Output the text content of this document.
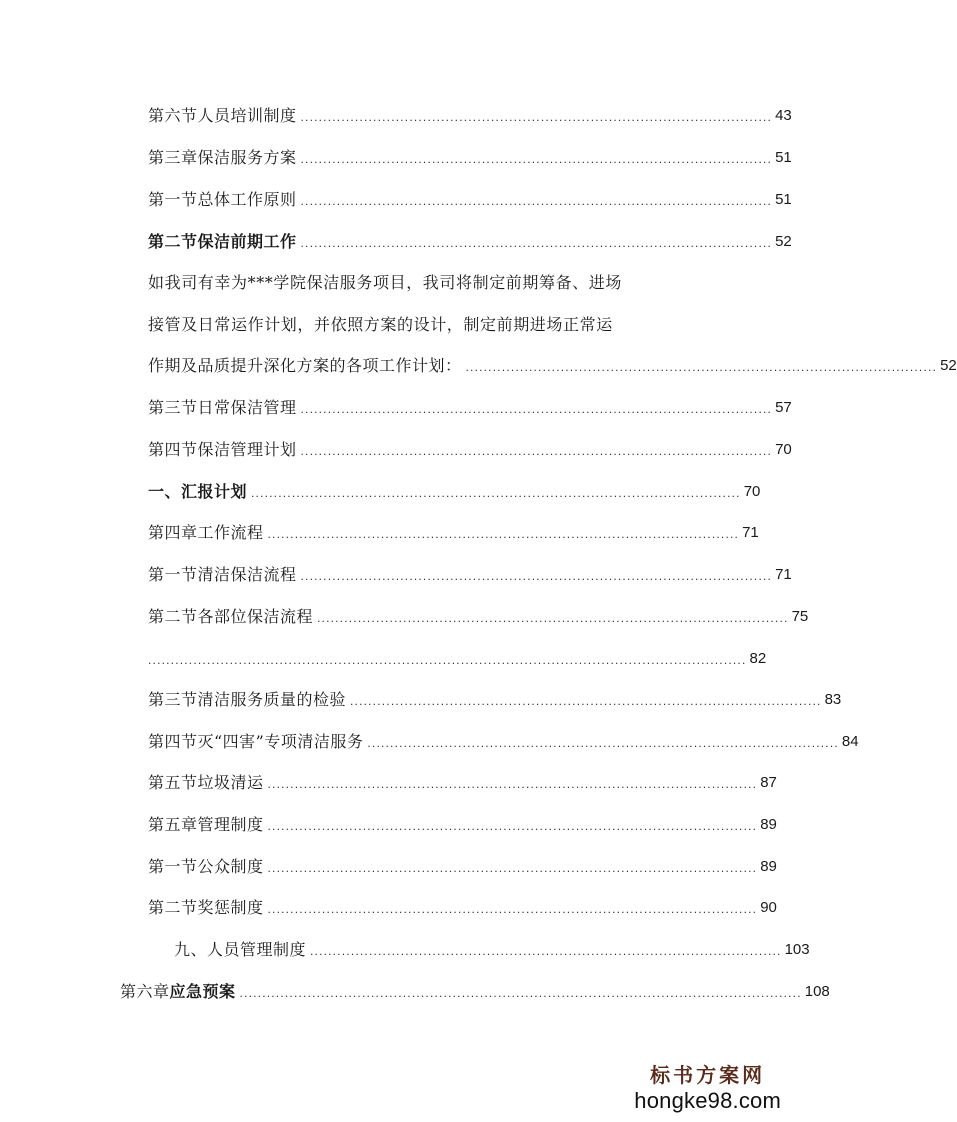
第六节人员培训制度 ........................................................................................................ 43
第三章保洁服务方案 ........................................................................................................ 51
第一节总体工作原则 ........................................................................................................ 51
第二节保洁前期工作 ........................................................................................................ 52
如我司有幸为***学院保洁服务项目，我司将制定前期筹备、进场
接管及日常运作计划，并依照方案的设计，制定前期进场正常运
作期及品质提升深化方案的各项工作计划： ........................................................................................................ 52
第三节日常保洁管理 ........................................................................................................ 57
第四节保洁管理计划 ........................................................................................................ 70
一、汇报计划 ............................................................................................................ 70
第四章工作流程 ........................................................................................................ 71
第一节清洁保洁流程 ........................................................................................................ 71
第二节各部位保洁流程 ........................................................................................................ 75
.................................................................................................................................... 82
第三节清洁服务质量的检验 ........................................................................................................ 83
第四节灭“四害”专项清洁服务 ........................................................................................................ 84
第五节垃圾清运 ............................................................................................................ 87
第五章管理制度 ............................................................................................................ 89
第一节公众制度 ............................................................................................................ 89
第二节奖惩制度 ............................................................................................................ 90
九、人员管理制度 ........................................................................................................ 103
第六章 应急预案 ............................................................................................................................ 108
标书方案网
hongke98.com
